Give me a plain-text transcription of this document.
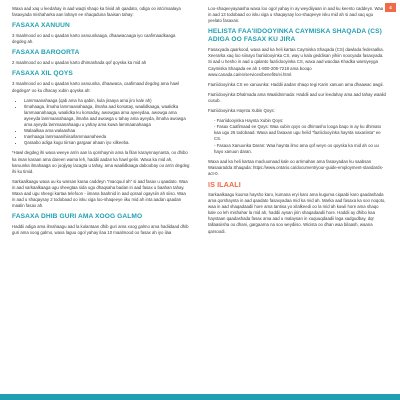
4

Waxa aad xaq u leedahay in aad waqti shaqo ka bixid ah qaadato, odiga oo istcimaalaya fasaxyada mishaharka aan lahayn ee shaqaduna faaisan tahay:

FASAXA XANUUN

3 maalmood oo aad u qaadan karto xanuunkaaga, dhaawacaaga iyo caafimaadkaaga degdeg ah.

FASAXA BAROORTA

2 maalmood oo aad u qaadan karto dhimashada qof qoyska ka mid ah

FASAXA XIL QOYS

3 maalmood oo aad u qaadan karto xanuunka, dhaawaca, caafimaad degdeg ama hawl degdega* oo ku dhacay xubin qoyska ah:

• Lammaanahaaga (qab ama ha qabin, kula jiraaya ama jiro kale ah)
• Ilmahaaga, ilmaha lammaanahaaga, ilmaha aad korsatay, waalidkaaga, waalidka lammaanahaaga, waalidka ku korsaday, awowgaa ama ayeeydaa, awowga ama ayeeyda lammaanahaaga, ilmaha aad awowga u tahay ama ayeyda, ilmaha awowga ama ayeyda lammaanahaagu u yahay ama kuwa lammaanahaaga
• Walaalkaa ama walaashaa
• Inanhaaga lammaanihiisa/lammaanaheeda
• Qaraabo adiga kugu tiirsan gargaar ahaan iyo xilkeeba.

*Hawl degdeg ihi waxa weeye arrin aan la qorshaynin ama la filan karaynnaynanta, oo dhibo ka iman karaan ama dareen wama leh, haddii aadan ka hawl gelin. Waxa ka mid ah, karuunka ilmahaaga oo joojiyay lacagta u tahay, ama waalidkaaga daboobay oo arrin degdeg ihi ku timid.

Sarkaalkaagu waxa uu ku warsan karaa caddeyn "macquul ah" si aad fasax u qaadato. Waa in aad sarkaalkaaga ugu sheegtaa sida ugu dhaqsaha badan in aad fasax u baahan tahay. Waxa aad ugu sheegi kartaa telefoon - iimana baahnid in aad qoraal ogaysiin ah siiso. Waa in aad u shaqaysay 2 todobaad oo isku xiga loo-shaqeeye iiku mid ah inta aadan qaadan maalin fasax ah.

FASAXA DHIB GURI AMA XOOG GALMO

Haddii adiga ama ilmahaagu aad la kulantaan dhib guri ama xoog galmo ama hadiidaad dhib guri ama xoog galmo, waxa laguu ogol yahay ilaa 10 maalmood oo fasax ah iyo ilaa

Loo-shaqeeyayaasha waxa loo ogol yahay in ay weydiiyaan in aad ku keento caddeyn. Waa in aad 13 todobaad oo isku xiga u shaqaysay loo-shaqeeye isku mid ah si aad xaq ugu yeelato fasaxan.

HELISTA FAA'IIDOOYINKA CAYMISKA SHAQADA (CS) ADIGA OO FASAX KU JIRA

Fasaxyada qaarkood, waxa aad ka heli kartaa Caymiska Shaqada (CS) dawlada federaalka. Xeerarka xaq loo siinayo faa'iidooyinka CS, way u kala geddisan yihiin noocyada fasaxyada. Si aad u hesho in aad u qalanto faa'iidooyinka CS, waxa aad wacdaa Khadka warsiyeyga Caymiska Shaqada ee ah 1-800-206-7218 ama booqo www.canada.ca/en/services/benefits/ei.html.

Faa'iidooyinka CS ee xanuunka: Haddii aadan shaqo tegi Karin xanuun ama dhaawac awgii.

Faa'iidooyinka Dhalmada ama Waalidnimada: Haddii aad uur leedahay ama aad tahay waalid cusub.

Faa'iidooyinka Haynta Xubin Qoys:

- Faa'iidooyinka Haynta Xubin Qoys:
- Fasax Caafimaad ee Qoys: Waa xubin qoys oo dhimasho looga baqo in ay ku dhimato kaa ugu 26 todobaad. Waxa aad fasaxan ugu helid "faa'iidooyinka haynta naxariista" ee CS.
- Fasaxa Xanuunka Daran: Waa haynta ilmo ama qof weyn oo qoyska ka mid ah oo uu hayo xanuun daran.

Waxa aad ka heli kartaa macluumaad kale oo arrimahan ama fasaxyadan ku saabsan Wasaaradda Shaqada: https://www.ontario.ca/document/your-guide-employment-standards-act-0.

IS ILAALI

Sarkaalkaagu kuuma haysho karo, kumana eryi karo ama kuguma ciqaabi karo qaadashada ama qorshaynta in aad qaadato fasaxyadaa mid ka mid ah. Marka aad fasaxa ka soo noqoto, waa in aad shaqadaadii hore ama tantisa yo xilalkeedi oo la mid ah kuwii hore ama shaqo kale oo leh mishahar la mid ah, haddii aysan jirin shaqadaadii hore. Haddii ay dhibo kaa haystaan qaadashada fasax ama aad u malaysan in xuquuqdaadii laga xadgudbay, dqr tallaasiisha oo dhani, gargaarna na soo weydiiso. Wicista oo dhan waa bilaash, waana qarsoodi.
